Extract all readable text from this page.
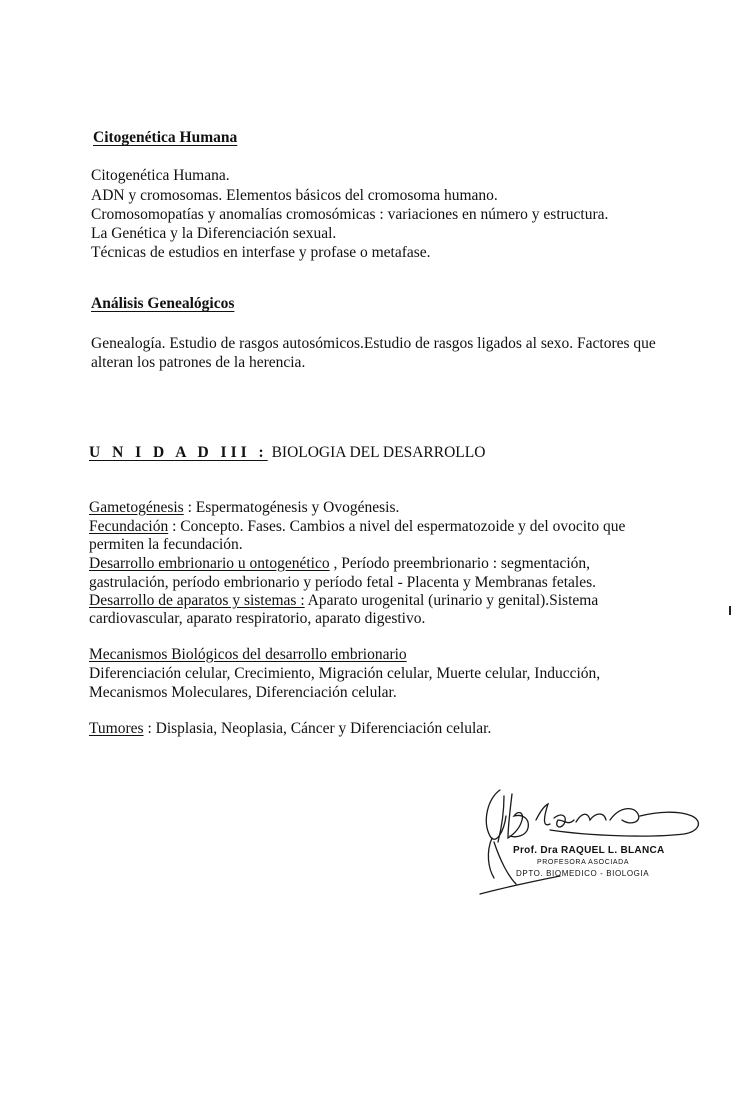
Citogenética Humana
Citogenética Humana.
ADN y cromosomas. Elementos básicos del cromosoma humano.
Cromosomopatías y anomalías cromosómicas : variaciones en número y estructura.
La Genética y la Diferenciación sexual.
Técnicas de estudios en interfase y profase o metafase.
Análisis Genealógicos
Genealogía. Estudio de rasgos autosómicos.Estudio de rasgos ligados al sexo. Factores que
alteran los patrones de la herencia.
U N I D A D III : BIOLOGIA DEL DESARROLLO
Gametogénesis : Espermatogénesis y Ovogénesis.
Fecundación : Concepto. Fases. Cambios a nivel del espermatozoide y del ovocito que
permiten la fecundación.
Desarrollo embrionario u ontogenético , Período preembrionario : segmentación,
gastrulación, período embrionario y período fetal - Placenta y Membranas fetales.
Desarrollo de aparatos y sistemas : Aparato urogenital (urinario y genital).Sistema
cardiovascular, aparato respiratorio, aparato digestivo.
Mecanismos Biológicos del desarrollo embrionario
Diferenciación celular, Crecimiento, Migración celular, Muerte celular, Inducción,
Mecanismos Moleculares, Diferenciación celular.
Tumores : Displasia, Neoplasia, Cáncer y Diferenciación celular.
Prof. Dra RAQUEL L. BLANCA
PROFESORA ASOCIADA
DPTO. BIOMEDICO - BIOLOGIA
